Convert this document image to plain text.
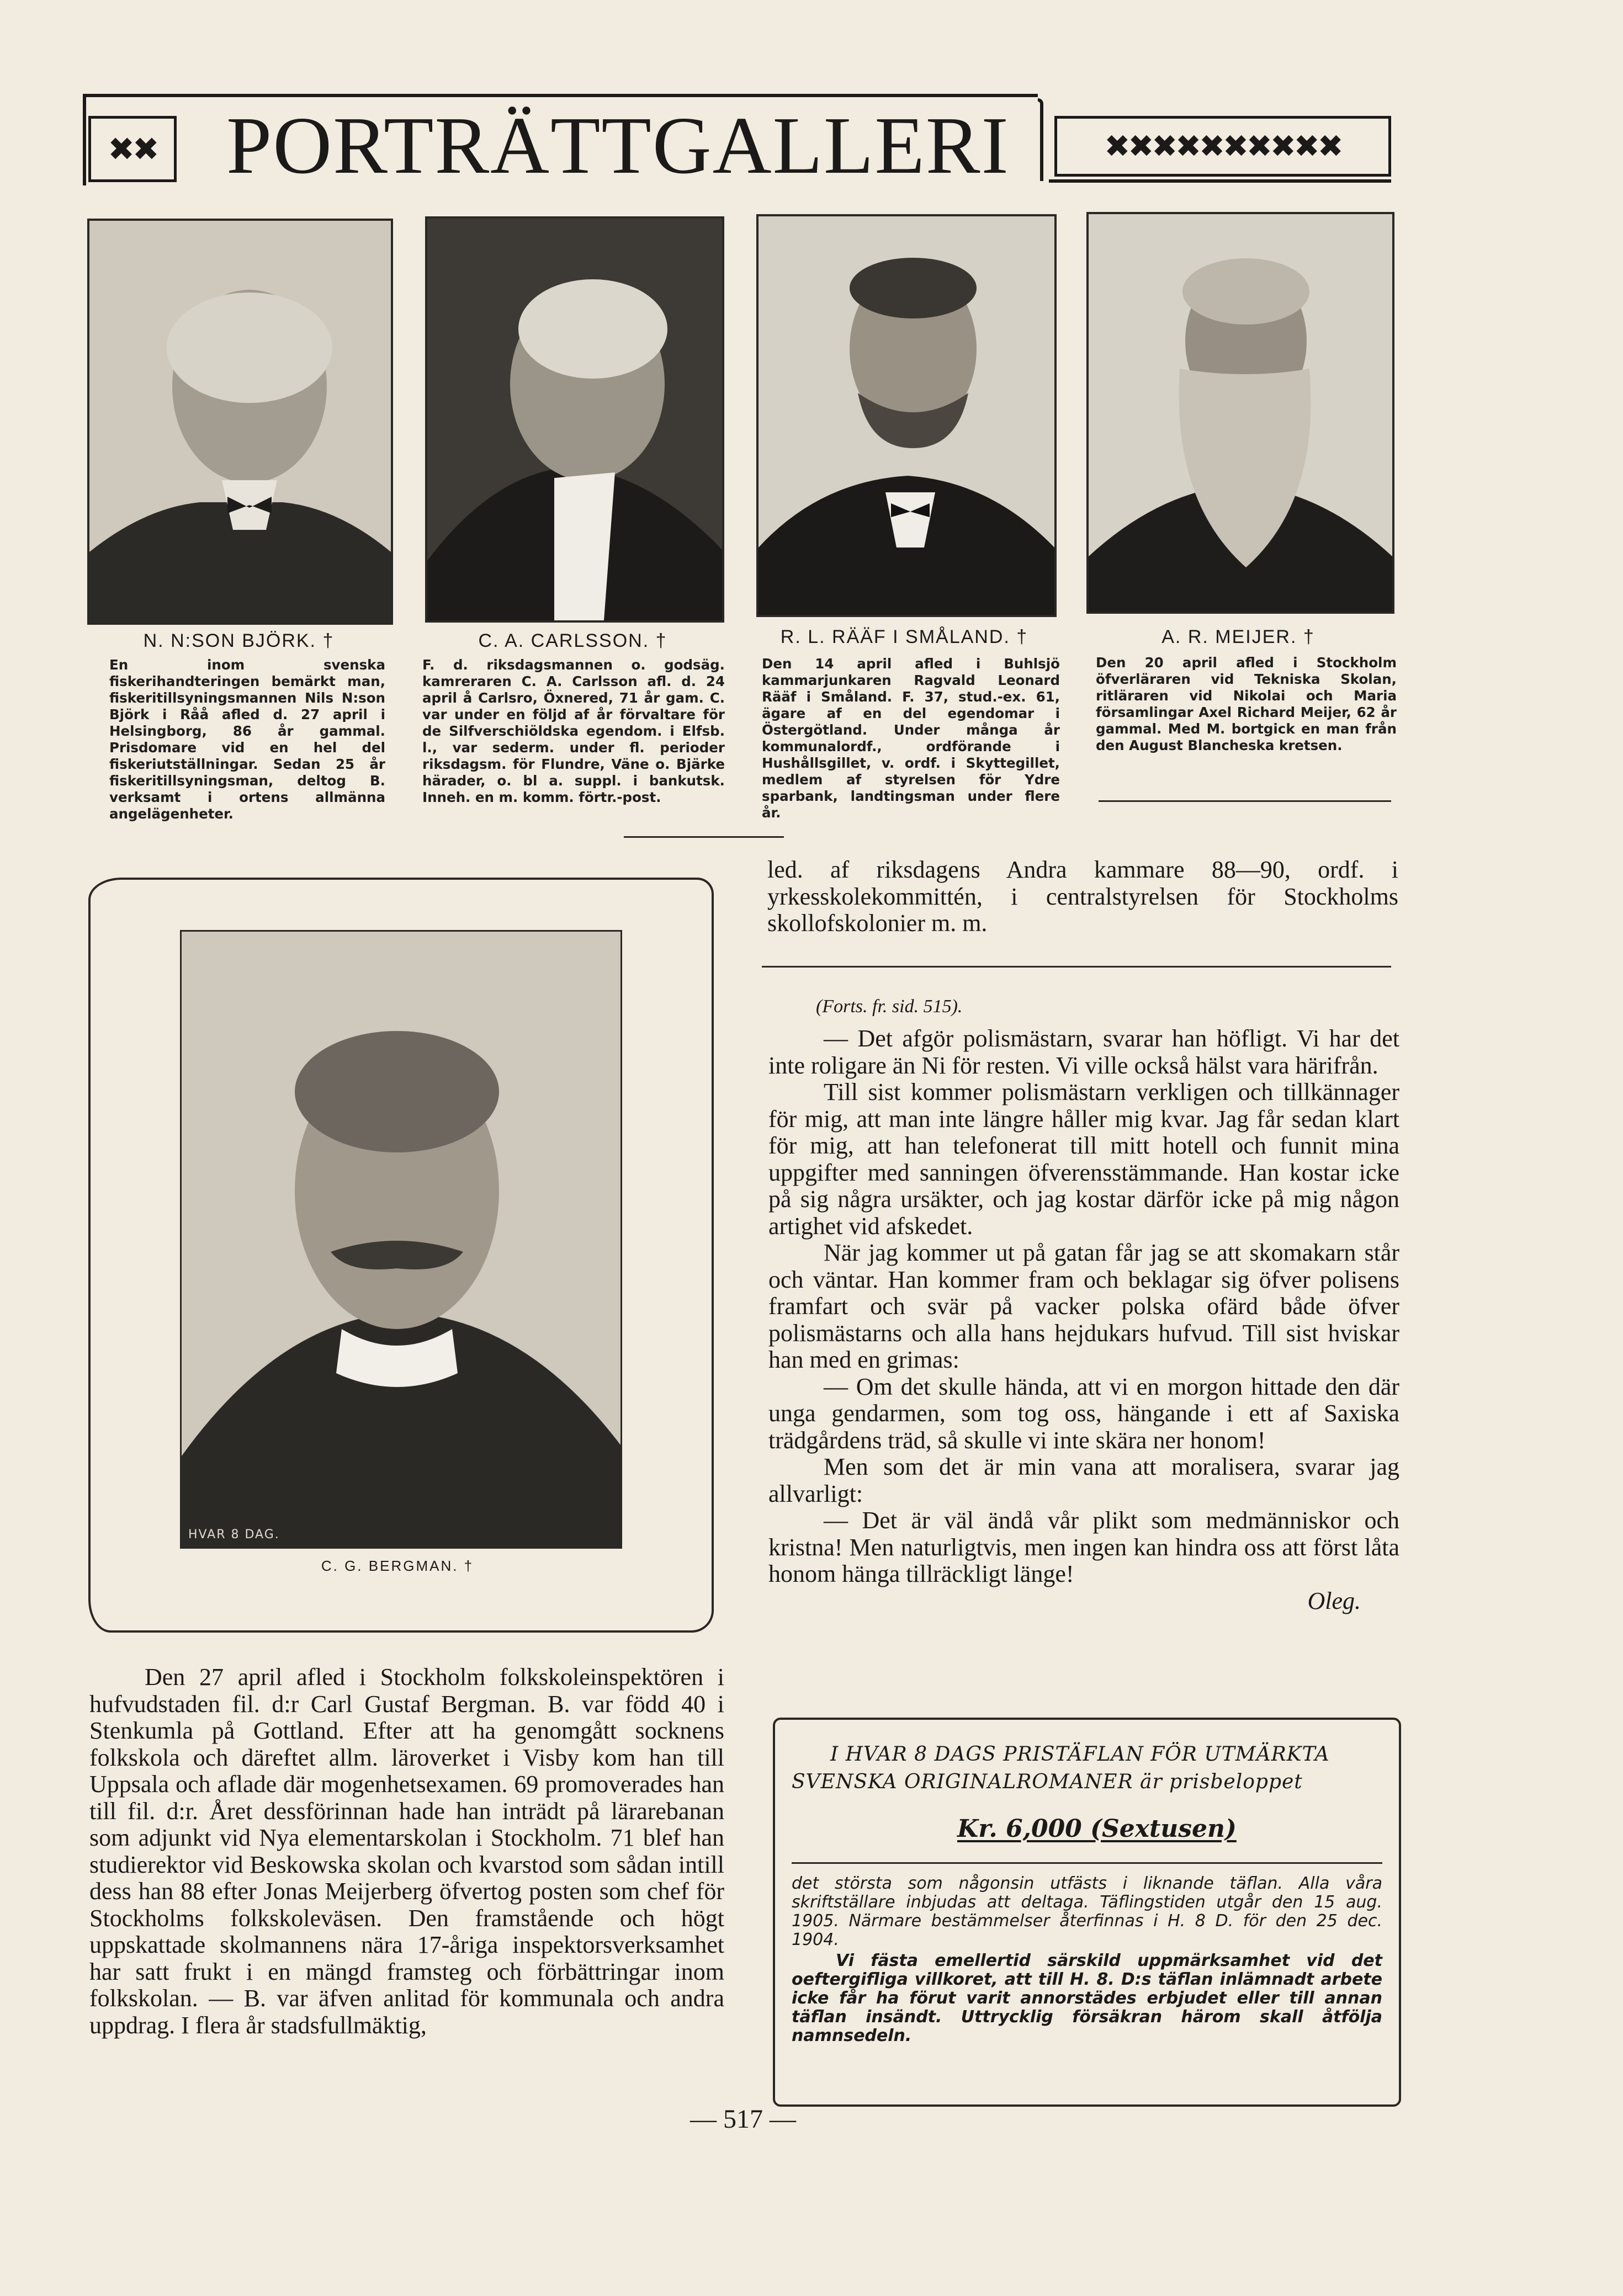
✖✖ PORTRÄTTGALLERI	✖✖✖✖✖✖✖✖✖✖
N. N:SON BJÖRK. †
En inom svenska fiskerihandteringen bemärkt man, fiskeritillsyningsmannen Nils N:son Björk i Råå afled d. 27 april i Helsingborg, 86 år gammal. Prisdomare vid en hel del fiskeriutställningar. Sedan 25 år fiskeritillsyningsman, deltog B. verksamt i ortens allmänna angelägenheter.
C. A. CARLSSON. †
F. d. riksdagsmannen o. godsäg. kamreraren C. A. Carlsson afl. d. 24 april å Carlsro, Öxnered, 71 år gam. C. var under en följd af år förvaltare för de Silfverschiöldska egendom. i Elfsb. l., var sederm. under fl. perioder riksdagsm. för Flundre, Väne o. Bjärke härader, o. bl a. suppl. i bankutsk. Inneh. en m. komm. förtr.-post.
R. L. RÄÄF I SMÅLAND. †
Den 14 april afled i Buhlsjö kammarjunkaren Ragvald Leonard Rääf i Småland. F. 37, stud.-ex. 61, ägare af en del egendomar i Östergötland. Under många år kommunalordf., ordförande i Hushållsgillet, v. ordf. i Skyttegillet, medlem af styrelsen för Ydre sparbank, landtingsman under flere år.
A. R. MEIJER. †
Den 20 april afled i Stockholm öfverläraren vid Tekniska Skolan, ritläraren vid Nikolai och Maria församlingar Axel Richard Meijer, 62 år gammal. Med M. bortgick en man från den August Blancheska kretsen.
HVAR 8 DAG.
C. G. BERGMAN. †

Den 27 april afled i Stockholm folkskoleinspektören i hufvudstaden fil. d:r Carl Gustaf Bergman. B. var född 40 i Stenkumla på Gottland. Efter att ha genomgått socknens folkskola och däreftet allm. läroverket i Visby kom han till Uppsala och aflade där mogenhetsexamen. 69 promoverades han till fil. d:r. Året dessförinnan hade han inträdt på lärarebanan som adjunkt vid Nya elementarskolan i Stockholm. 71 blef han studierektor vid Beskowska skolan och kvarstod som sådan intill dess han 88 efter Jonas Meijerberg öfvertog posten som chef för Stockholms folkskoleväsen. Den framstående och högt uppskattade skolmannens nära 17-åriga inspektorsverksamhet har satt frukt i en mängd framsteg och förbättringar inom folkskolan. — B. var äfven anlitad för kommunala och andra uppdrag. I flera år stadsfullmäktig,

led. af riksdagens Andra kammare 88—90, ordf. i yrkesskolekommittén, i centralstyrelsen för Stockholms skollofskolonier m. m.

(Forts. fr. sid. 515).

— Det afgör polismästarn, svarar han höfligt. Vi har det inte roligare än Ni för resten. Vi ville också hälst vara härifrån.

Till sist kommer polismästarn verkligen och tillkännager för mig, att man inte längre håller mig kvar. Jag får sedan klart för mig, att han telefonerat till mitt hotell och funnit mina uppgifter med sanningen öfverensstämmande. Han kostar icke på sig några ursäkter, och jag kostar därför icke på mig någon artighet vid afskedet.

När jag kommer ut på gatan får jag se att skomakarn står och väntar. Han kommer fram och beklagar sig öfver polisens framfart och svär på vacker polska ofärd både öfver polismästarns och alla hans hejdukars hufvud. Till sist hviskar han med en grimas:

— Om det skulle hända, att vi en morgon hittade den där unga gendarmen, som tog oss, hängande i ett af Saxiska trädgårdens träd, så skulle vi inte skära ner honom!

Men som det är min vana att moralisera, svarar jag allvarligt:

— Det är väl ändå vår plikt som medmänniskor och kristna! Men naturligtvis, men ingen kan hindra oss att först låta honom hänga tillräckligt länge!

Oleg.

I HVAR 8 DAGS PRISTÄFLAN FÖR UTMÄRKTA
SVENSKA ORIGINALROMANER är prisbeloppet
Kr. 6,000 (Sextusen)

det största som någonsin utfästs i liknande täflan. Alla våra skriftställare inbjudas att deltaga. Täflingstiden utgår den 15 aug. 1905. Närmare bestämmelser återfinnas i H. 8 D. för den 25 dec. 1904.

Vi fästa emellertid särskild uppmärksamhet vid det oeftergifliga villkoret, att till H. 8. D:s täflan inlämnadt arbete icke får ha förut varit annorstädes erbjudet eller till annan täflan insändt. Uttrycklig försäkran härom skall åtfölja namnsedeln.

— 517 —
